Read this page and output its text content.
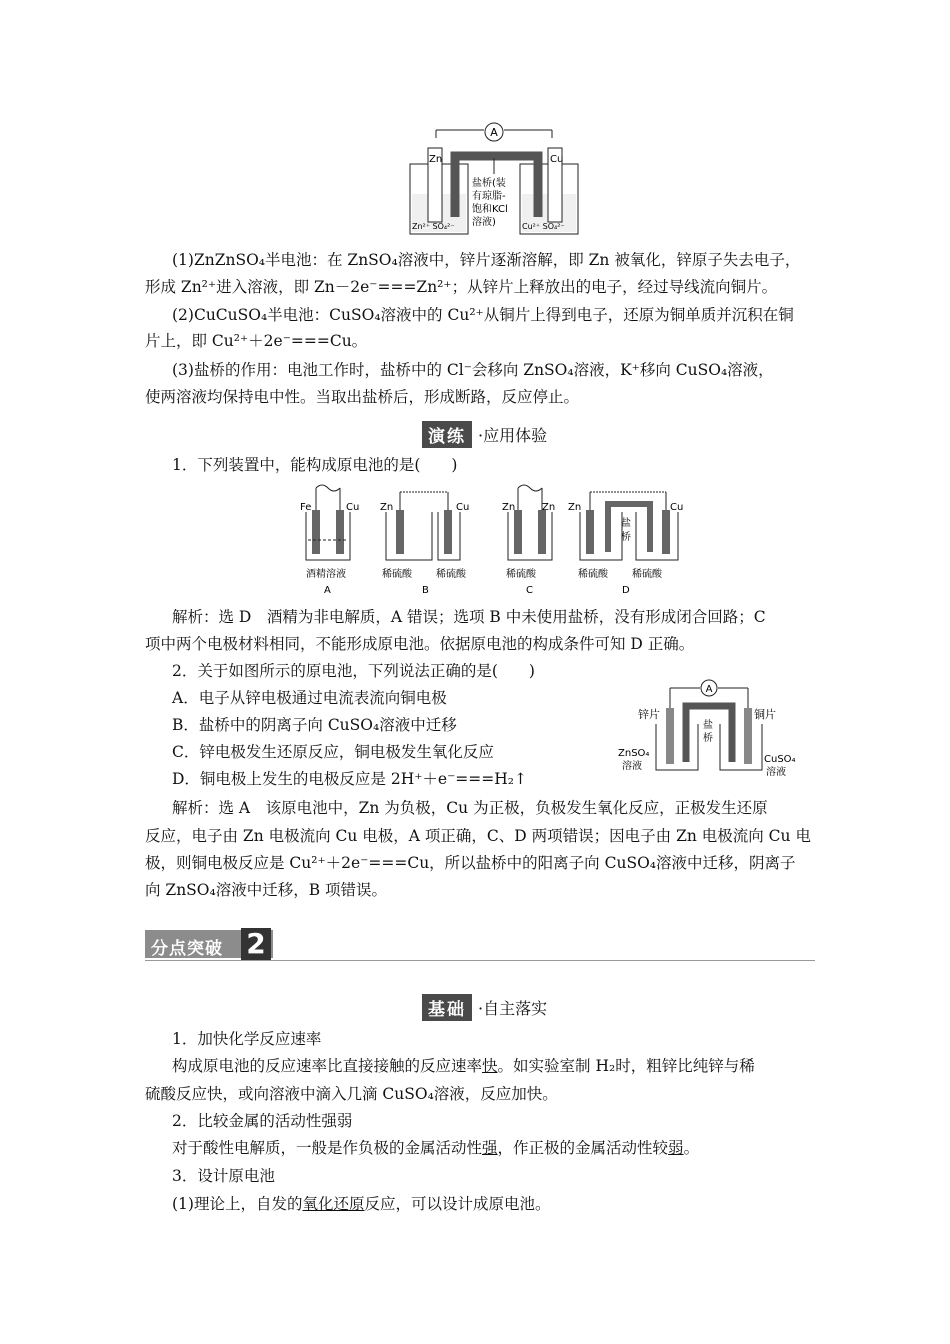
A
Zn	Cu
盐桥(装
有琼脂-
饱和KCl
溶液)
Zn²⁺ SO₄²⁻	Cu²⁺ SO₄²⁻
(1)ZnZnSO₄半电池：在 ZnSO₄溶液中，锌片逐渐溶解，即 Zn 被氧化，锌原子失去电子，
形成 Zn²⁺进入溶液，即 Zn－2e⁻===Zn²⁺；从锌片上释放出的电子，经过导线流向铜片。
(2)CuCuSO₄半电池：CuSO₄溶液中的 Cu²⁺从铜片上得到电子，还原为铜单质并沉积在铜
片上，即 Cu²⁺＋2e⁻===Cu。
(3)盐桥的作用：电池工作时，盐桥中的 Cl⁻会移向 ZnSO₄溶液，K⁺移向 CuSO₄溶液，
使两溶液均保持电中性。当取出盐桥后，形成断路，反应停止。
演练 ·应用体验
1．下列装置中，能构成原电池的是(　　)
Fe	Cu
酒精溶液
A
Zn	Cu
稀硫酸 稀硫酸
B
Zn	Zn
稀硫酸
C
Zn	Cu
盐
桥
稀硫酸 稀硫酸
D
解析：选 D　酒精为非电解质，A 错误；选项 B 中未使用盐桥，没有形成闭合回路；C
项中两个电极材料相同，不能形成原电池。依据原电池的构成条件可知 D 正确。
2．关于如图所示的原电池，下列说法正确的是(　　)
A．电子从锌电极通过电流表流向铜电极
B．盐桥中的阴离子向 CuSO₄溶液中迁移
C．锌电极发生还原反应，铜电极发生氧化反应
D．铜电极上发生的电极反应是 2H⁺＋e⁻===H₂↑
A
锌片	铜片
盐
桥
ZnSO₄
溶液
CuSO₄
溶液
解析：选 A　该原电池中，Zn 为负极，Cu 为正极，负极发生氧化反应，正极发生还原
反应，电子由 Zn 电极流向 Cu 电极，A 项正确，C、D 两项错误；因电子由 Zn 电极流向 Cu 电
极，则铜电极反应是 Cu²⁺＋2e⁻===Cu，所以盐桥中的阳离子向 CuSO₄溶液中迁移，阴离子
向 ZnSO₄溶液中迁移，B 项错误。
分点突破 2
基础 ·自主落实
1．加快化学反应速率
构成原电池的反应速率比直接接触的反应速率快。如实验室制 H₂时，粗锌比纯锌与稀
硫酸反应快，或向溶液中滴入几滴 CuSO₄溶液，反应加快。
2．比较金属的活动性强弱
对于酸性电解质，一般是作负极的金属活动性强，作正极的金属活动性较弱。
3．设计原电池
(1)理论上，自发的氧化还原反应，可以设计成原电池。
